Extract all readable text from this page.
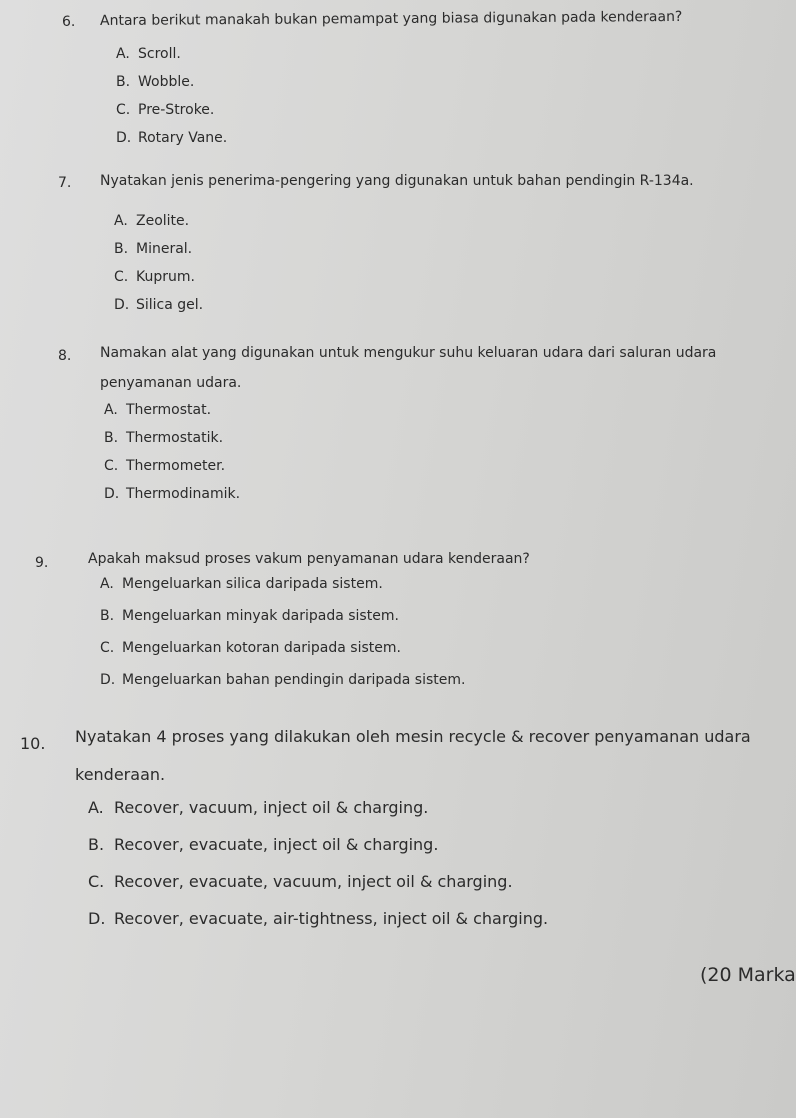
6. Antara berikut manakah bukan pemampat yang biasa digunakan pada kenderaan?
A. Scroll.
B. Wobble.
C. Pre-Stroke.
D. Rotary Vane.
7. Nyatakan jenis penerima-pengering yang digunakan untuk bahan pendingin R-134a.
A. Zeolite.
B. Mineral.
C. Kuprum.
D. Silica gel.
8. Namakan alat yang digunakan untuk mengukur suhu keluaran udara dari saluran udara
penyamanan udara.
A. Thermostat.
B. Thermostatik.
C. Thermometer.
D. Thermodinamik.
9.	Apakah maksud proses vakum penyamanan udara kenderaan?
A. Mengeluarkan silica daripada sistem.
B. Mengeluarkan minyak daripada sistem.
C. Mengeluarkan kotoran daripada sistem.
D. Mengeluarkan bahan pendingin daripada sistem.
10. Nyatakan 4 proses yang dilakukan oleh mesin recycle & recover penyamanan udara
kenderaan.
A. Recover, vacuum, inject oil & charging.
B. Recover, evacuate, inject oil & charging.
C. Recover, evacuate, vacuum, inject oil & charging.
D. Recover, evacuate, air-tightness, inject oil & charging.
(20 Marka
